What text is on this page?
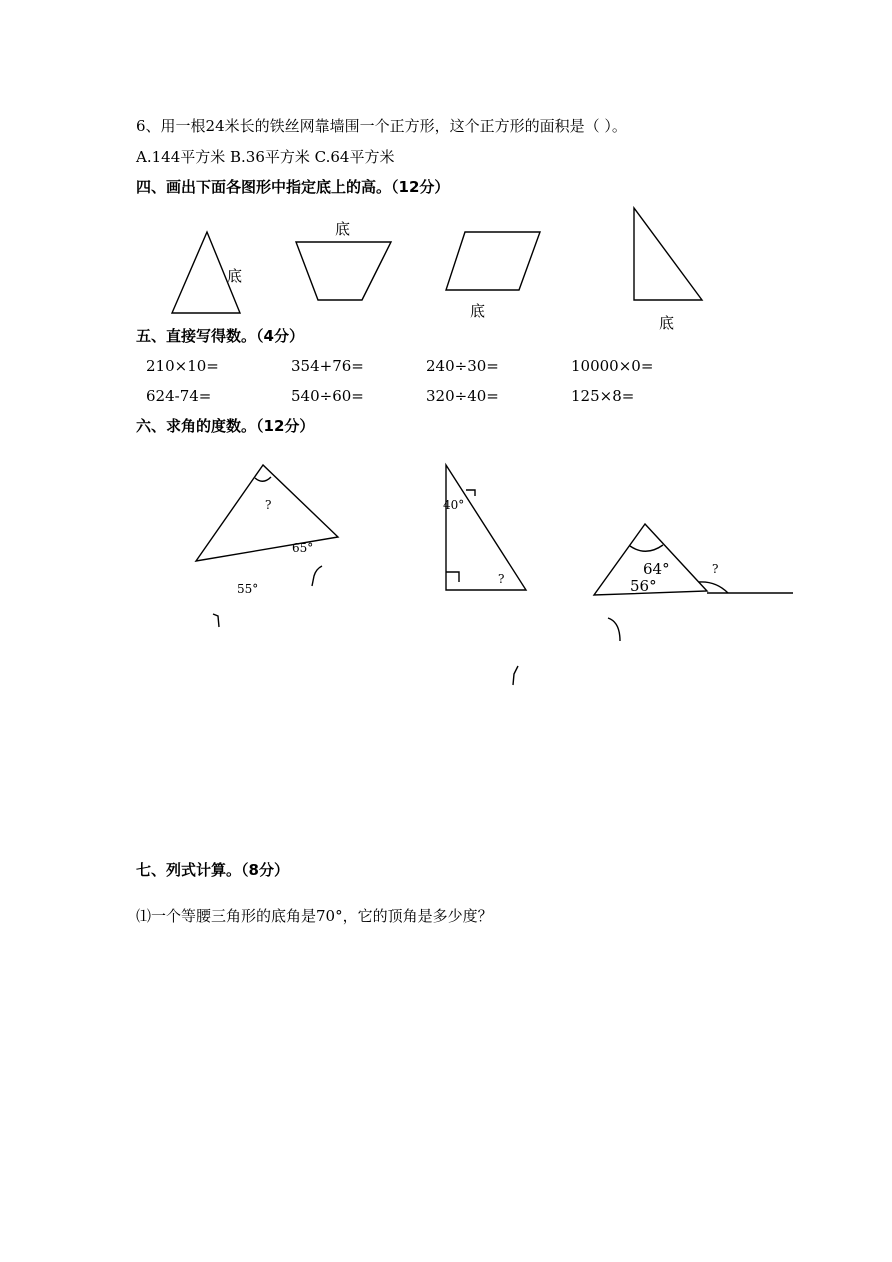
6、用一根24米长的铁丝网靠墙围一个正方形，这个正方形的面积是（ ）。
A.144平方米 B.36平方米 C.64平方米
四、画出下面各图形中指定底上的高。（12分）
底
底
底
底
五、直接写得数。（4分）
210×10=	354+76=	240÷30=	10000×0=
624-74=	540÷60=	320÷40=	125×8=
六、求角的度数。（12分）
?
65°
55°
40°
?
64°
56°
?
七、列式计算。（8分）
⑴一个等腰三角形的底角是70°，它的顶角是多少度？
